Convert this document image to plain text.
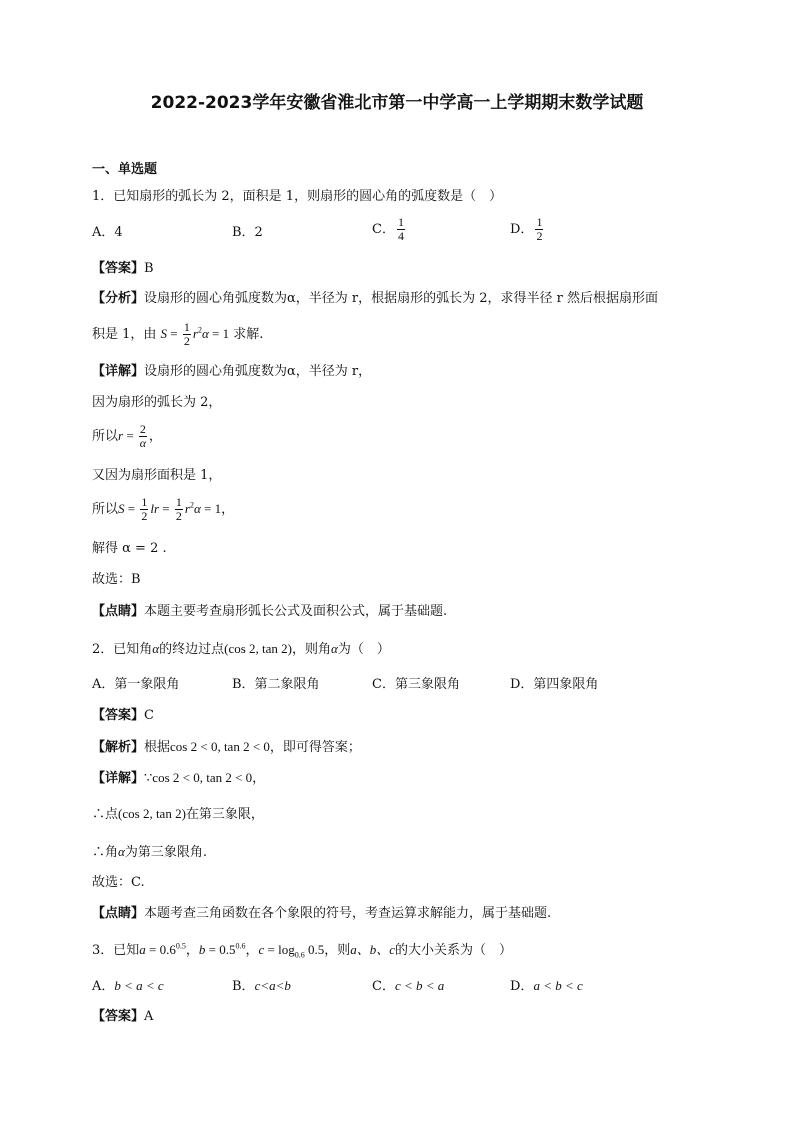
2022-2023学年安徽省淮北市第一中学高一上学期期末数学试题
一、单选题
1．已知扇形的弧长为 2，面积是 1，则扇形的圆心角的弧度数是（　）
A．4	B．2	C． $\frac{1}{4}$	D． $\frac{1}{2}$
【答案】B
【分析】设扇形的圆心角弧度数为α，半径为 r，根据扇形的弧长为 2，求得半径 r 然后根据扇形面
积是 1，由 $S = \frac{1}{2} r^2\alpha = 1$ 求解.
【详解】设扇形的圆心角弧度数为α，半径为 r，
因为扇形的弧长为 2，
所以$r = \frac{2}{\alpha}$ ，
又因为扇形面积是 1，
所以$S = \frac{1}{2}$ lr = $\frac{1}{2} r^2\alpha = 1$，
解得 α = 2 .
故选：B
【点睛】本题主要考查扇形弧长公式及面积公式，属于基础题.
2．已知角α的终边过点(cos 2, tan 2)，则角α为（　）
A．第一象限角	B．第二象限角	C．第三象限角	D．第四象限角
【答案】C
【解析】根据cos 2 < 0, tan 2 < 0，即可得答案；
【详解】∵cos 2 < 0, tan 2 < 0，
∴点(cos 2, tan 2)在第三象限，
∴角α为第三象限角.
故选：C.
【点睛】本题考查三角函数在各个象限的符号，考查运算求解能力，属于基础题.
3．已知$a = 0.6^{0.5}$，$b = 0.5^{0.6}$，$c = \log_{0.6} 0.5$，则a、b、c的大小关系为（　）
A．b < a < c	B．c<a<b	C．c < b < a	D．a < b < c
【答案】A
